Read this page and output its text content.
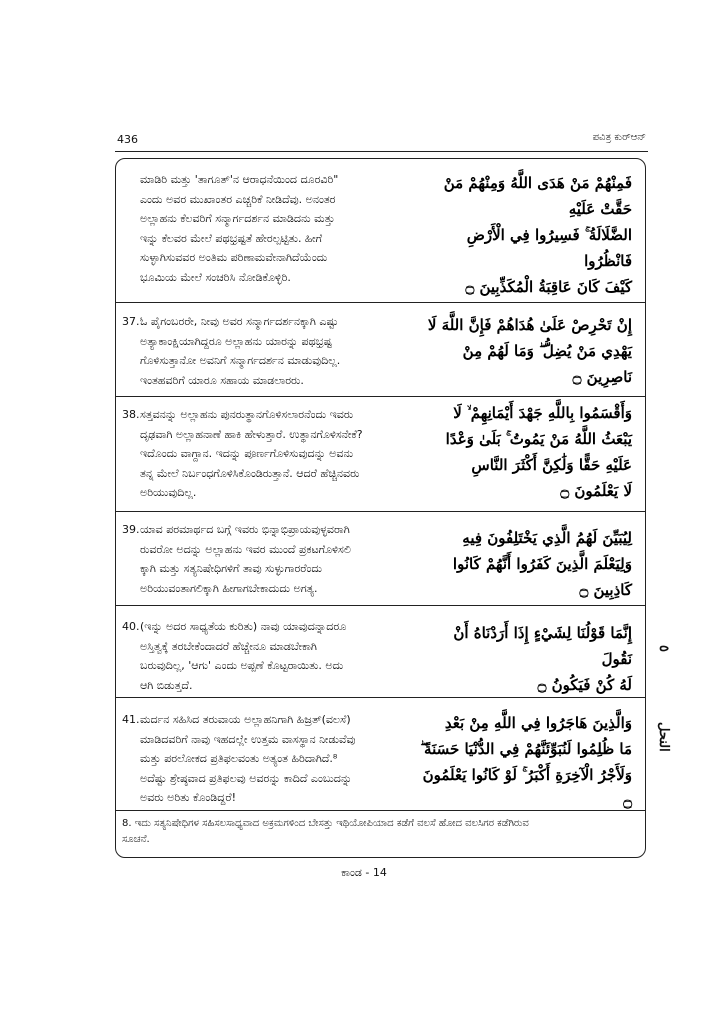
436	ಪವಿತ್ರ ಕುರ್‌ಆನ್
ಮಾಡಿರಿ ಮತ್ತು 'ತಾಗೂತ್'ನ ಆರಾಧನೆಯಿಂದ ದೂರವಿರಿ"
ಎಂದು ಅವರ ಮುಖಾಂತರ ಎಚ್ಚರಿಕೆ ನೀಡಿದೆವು. ಅನಂತರ
ಅಲ್ಲಾಹನು ಕೆಲವರಿಗೆ ಸನ್ಮಾರ್ಗದರ್ಶನ ಮಾಡಿದನು ಮತ್ತು
ಇನ್ನು ಕೆಲವರ ಮೇಲೆ ಪಥಭ್ರಷ್ಟತೆ ಹೇರಲ್ಪಟ್ಟಿತು. ಹೀಗೆ
ಸುಳ್ಳಾಗಿಸುವವರ ಅಂತಿಮ ಪರಿಣಾಮವೇನಾಗಿದೆಯೆಂದು
ಭೂಮಿಯ ಮೇಲೆ ಸಂಚರಿಸಿ ನೋಡಿಕೊಳ್ಳಿರಿ.
فَمِنْهُمْ مَنْ هَدَى اللَّهُ وَمِنْهُمْ مَنْ حَقَّتْ عَلَيْهِ
الضَّلَالَةُ ۚ فَسِيرُوا فِي الْأَرْضِ فَانْظُرُوا
كَيْفَ كَانَ عَاقِبَةُ الْمُكَذِّبِينَ ۝
37. ಓ ಪೈಗಂಬರರೇ, ನೀವು ಅವರ ಸನ್ಮಾರ್ಗದರ್ಶನಕ್ಕಾಗಿ ಎಷ್ಟು
ಅತ್ಯಾಕಾಂಕ್ಷಿಯಾಗಿದ್ದರೂ ಅಲ್ಲಾಹನು ಯಾರನ್ನು ಪಥಭ್ರಷ್ಟ
ಗೊಳಿಸುತ್ತಾನೋ ಅವನಿಗೆ ಸನ್ಮಾರ್ಗದರ್ಶನ ಮಾಡುವುದಿಲ್ಲ.
ಇಂತಹವರಿಗೆ ಯಾರೂ ಸಹಾಯ ಮಾಡಲಾರರು.
إِنْ تَحْرِصْ عَلَىٰ هُدَاهُمْ فَإِنَّ اللَّهَ لَا
يَهْدِي مَنْ يُضِلُّ ۖ وَمَا لَهُمْ مِنْ نَاصِرِينَ ۝
38. ಸತ್ತವನನ್ನು ಅಲ್ಲಾಹನು ಪುನರುತ್ಥಾನಗೊಳಿಸಲಾರನೆಂದು ಇವರು
ದೃಢವಾಗಿ ಅಲ್ಲಾಹನಾಣೆ ಹಾಕಿ ಹೇಳುತ್ತಾರೆ. ಉತ್ಥಾನಗೊಳಿಸನೇಕೆ?
ಇದೊಂದು ವಾಗ್ದಾನ. ಇದನ್ನು ಪೂರ್ಣಗೊಳಿಸುವುದನ್ನು ಅವನು
ತನ್ನ ಮೇಲೆ ನಿರ್ಬಂಧಗೊಳಿಸಿಕೊಂಡಿರುತ್ತಾನೆ. ಆದರೆ ಹೆಚ್ಚಿನವರು
ಅರಿಯುವುದಿಲ್ಲ.
وَأَقْسَمُوا بِاللَّهِ جَهْدَ أَيْمَانِهِمْ ۙ لَا
يَبْعَثُ اللَّهُ مَنْ يَمُوتُ ۚ بَلَىٰ وَعْدًا
عَلَيْهِ حَقًّا وَلَٰكِنَّ أَكْثَرَ النَّاسِ
لَا يَعْلَمُونَ ۝
39. ಯಾವ ಪರಮಾರ್ಥದ ಬಗ್ಗೆ ಇವರು ಭಿನ್ನಾಭಿಪ್ರಾಯವುಳ್ಳವರಾಗಿ
ರುವರೋ ಅದನ್ನು ಅಲ್ಲಾಹನು ಇವರ ಮುಂದೆ ಪ್ರಕಟಗೊಳಿಸಲಿ
ಕ್ಕಾಗಿ ಮತ್ತು ಸತ್ಯನಿಷೇಧಿಗಳಿಗೆ ತಾವು ಸುಳ್ಳುಗಾರರೆಂದು
ಅರಿಯುವಂತಾಗಲಿಕ್ಕಾಗಿ ಹೀಗಾಗಬೇಕಾದುದು ಅಗತ್ಯ.
لِيُبَيِّنَ لَهُمُ الَّذِي يَخْتَلِفُونَ فِيهِ
وَلِيَعْلَمَ الَّذِينَ كَفَرُوا أَنَّهُمْ كَانُوا كَاذِبِينَ ۝
40. (ಇನ್ನು ಅದರ ಸಾಧ್ಯತೆಯ ಕುರಿತು) ನಾವು ಯಾವುದನ್ನಾದರೂ
ಅಸ್ತಿತ್ವಕ್ಕೆ ತರಬೇಕೆಂದಾದರೆ ಹೆಚ್ಚೇನೂ ಮಾಡಬೇಕಾಗಿ
ಬರುವುದಿಲ್ಲ, 'ಆಗು' ಎಂದು ಅಪ್ಪಣೆ ಕೊಟ್ಟರಾಯಿತು. ಅದು
ಆಗಿ ಬಿಡುತ್ತದೆ.
إِنَّمَا قَوْلُنَا لِشَيْءٍ إِذَا أَرَدْنَاهُ أَنْ نَقُولَ
لَهُ كُنْ فَيَكُونُ ۝
41. ಮರ್ದನ ಸಹಿಸಿದ ತರುವಾಯ ಅಲ್ಲಾಹನಿಗಾಗಿ ಹಿಜ್ರತ್(ವಲಸೆ)
ಮಾಡಿದವರಿಗೆ ನಾವು ಇಹದಲ್ಲೇ ಉತ್ತಮ ವಾಸಸ್ಥಾನ ನೀಡುವೆವು
ಮತ್ತು ಪರಲೋಕದ ಪ್ರತಿಫಲವಂತು ಅತ್ಯಂತ ಹಿರಿದಾಗಿದೆ.⁸
ಅದೆಷ್ಟು ಶ್ರೇಷ್ಠವಾದ ಪ್ರತಿಫಲವು ಅವರನ್ನು ಕಾದಿದೆ ಎಂಬುದನ್ನು
ಅವರು ಅರಿತು ಕೊಂಡಿದ್ದರೆ!
وَالَّذِينَ هَاجَرُوا فِي اللَّهِ مِنْ بَعْدِ
مَا ظُلِمُوا لَنُبَوِّئَنَّهُمْ فِي الدُّنْيَا حَسَنَةً ۖ
وَلَأَجْرُ الْآخِرَةِ أَكْبَرُ ۚ لَوْ كَانُوا يَعْلَمُونَ ۝
8. ಇದು ಸತ್ಯನಿಷೇಧಿಗಳ ಸಹಿಸಲಸಾಧ್ಯವಾದ ಅಕ್ರಮಗಳಿಂದ ಬೇಸತ್ತು ಇಥಿಯೋಪಿಯಾದ ಕಡೆಗೆ ವಲಸೆ ಹೋದ ವಲಸಿಗರ ಕಡೆಗಿರುವ
ಸೂಚನೆ.
٥
النحل
ಕಾಂಡ - 14
